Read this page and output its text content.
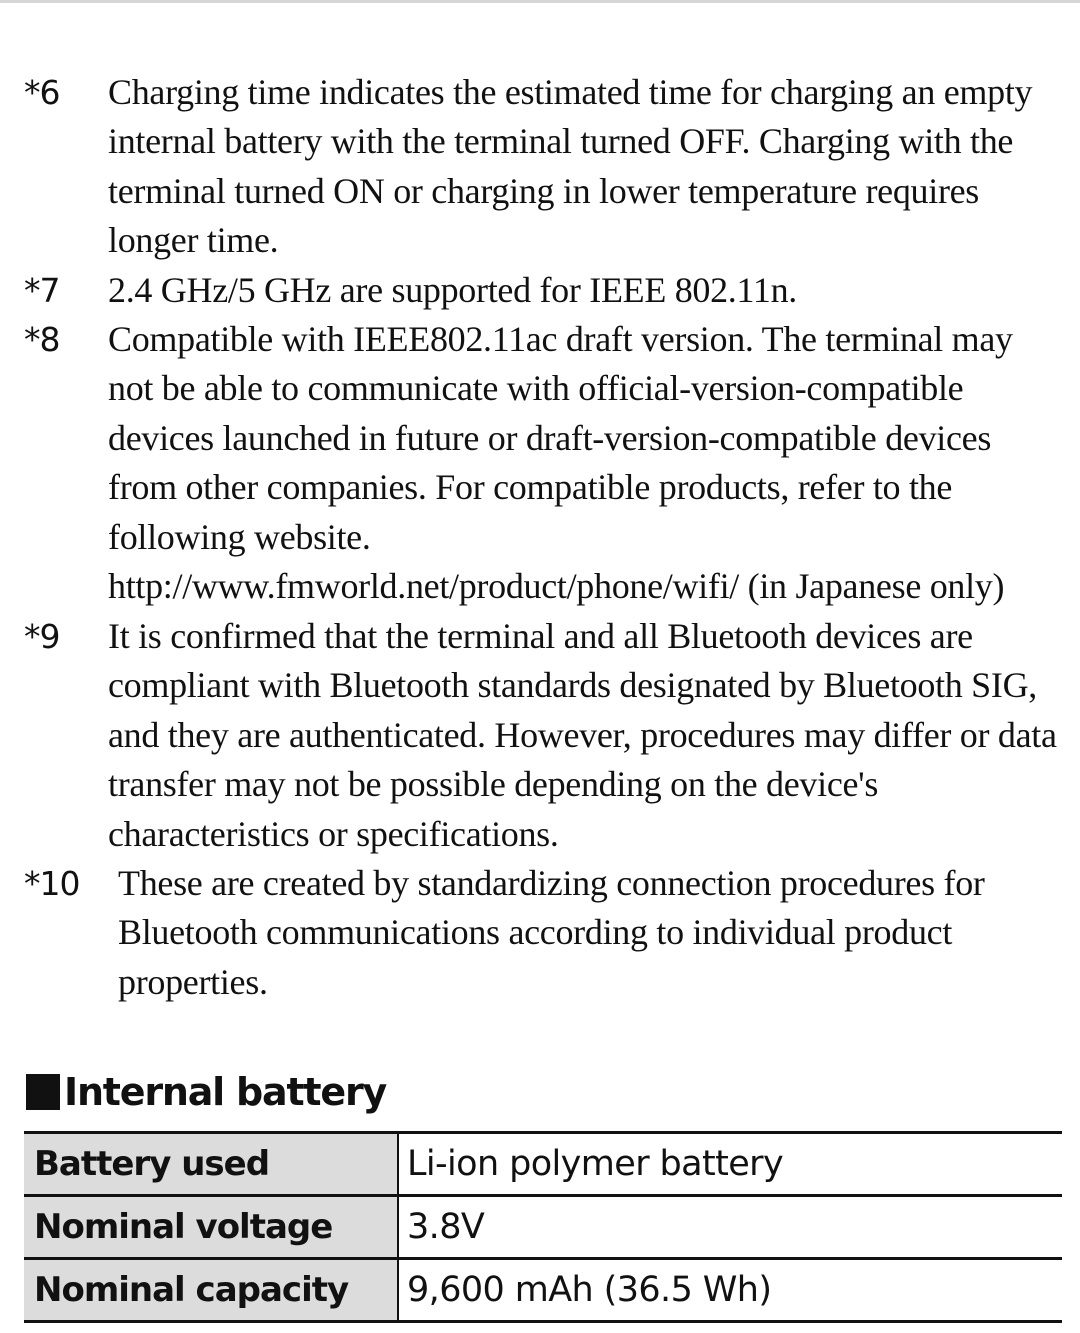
*6 Charging time indicates the estimated time for charging an empty
internal battery with the terminal turned OFF. Charging with the
terminal turned ON or charging in lower temperature requires
longer time.
*7 2.4 GHz/5 GHz are supported for IEEE 802.11n.
*8 Compatible with IEEE802.11ac draft version. The terminal may
not be able to communicate with official-version-compatible
devices launched in future or draft-version-compatible devices
from other companies. For compatible products, refer to the
following website.
http://www.fmworld.net/product/phone/wifi/ (in Japanese only)
*9 It is confirmed that the terminal and all Bluetooth devices are
compliant with Bluetooth standards designated by Bluetooth SIG,
and they are authenticated. However, procedures may differ or data
transfer may not be possible depending on the device's
characteristics or specifications.
*10 These are created by standardizing connection procedures for
Bluetooth communications according to individual product
properties.
Internal battery
Battery used	Li-ion polymer battery
Nominal voltage	3.8V
Nominal capacity	9,600 mAh (36.5 Wh)
